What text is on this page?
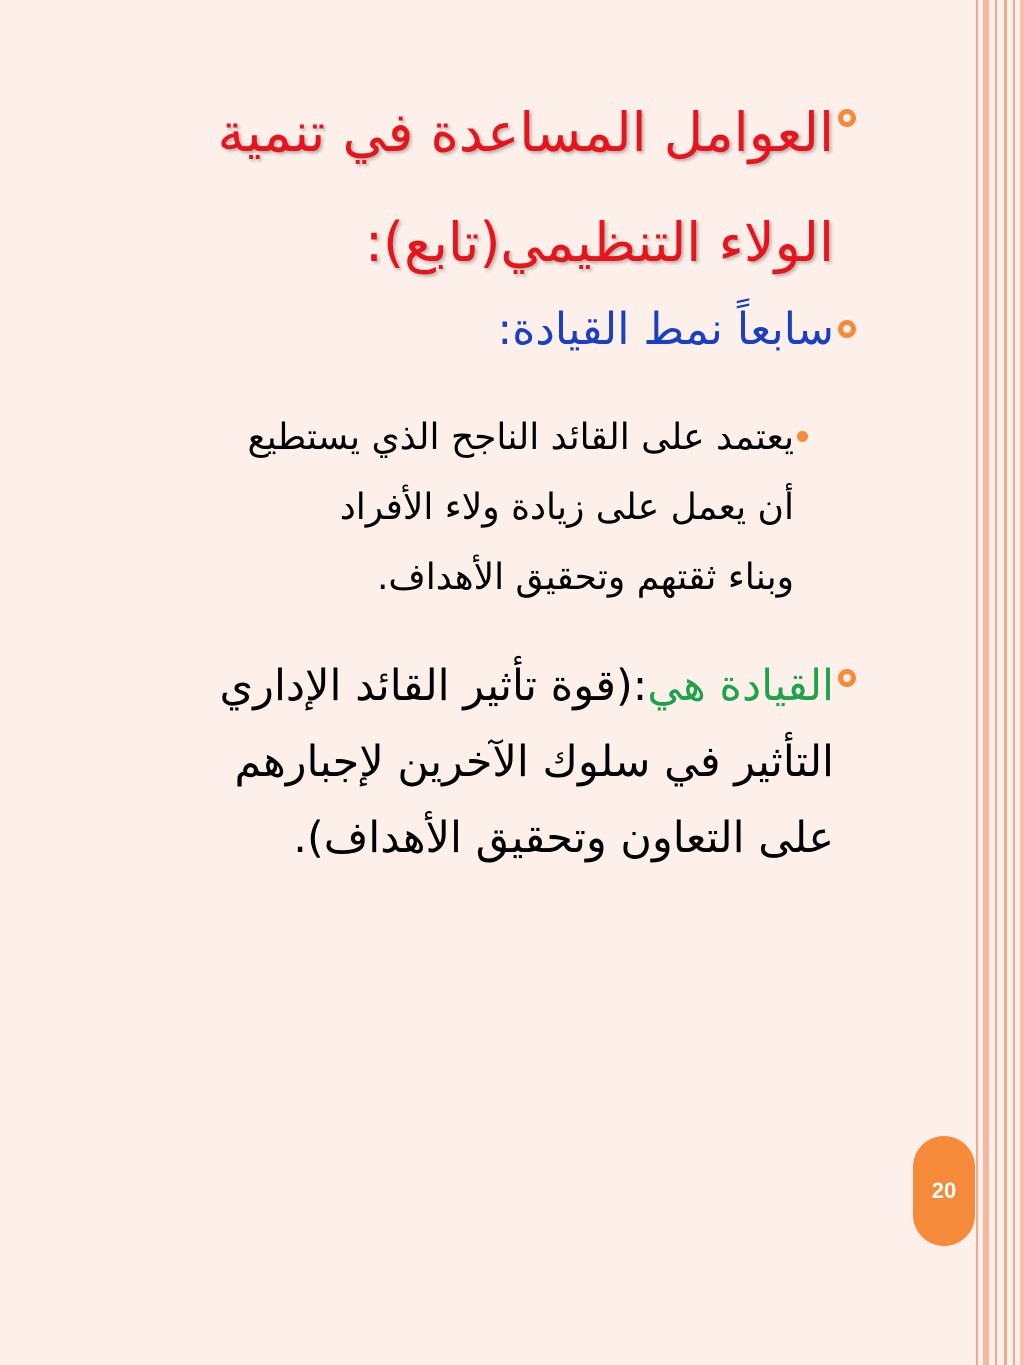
العوامل المساعدة في تنمية
الولاء التنظيمي(تابع):
سابعاً نمط القيادة:
يعتمد على القائد الناجح الذي يستطيع
أن يعمل على زيادة ولاء الأفراد
وبناء ثقتهم وتحقيق الأهداف.
القيادة هي:(قوة تأثير القائد الإداري
التأثير في سلوك الآخرين لإجبارهم
على التعاون وتحقيق الأهداف).
20
